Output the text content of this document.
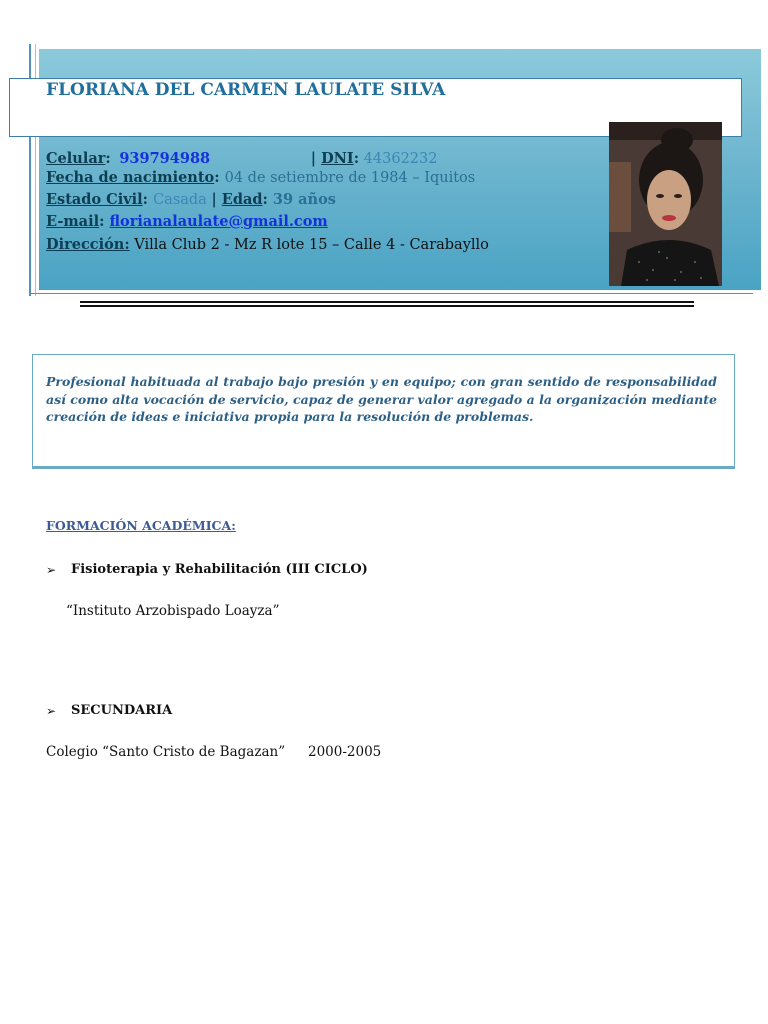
FLORIANA DEL CARMEN LAULATE SILVA
Celular: 939794988	| DNI: 44362232
Fecha de nacimiento: 04 de setiembre de 1984 – Iquitos
Estado Civil: Casada | Edad: 39 años
E-mail: florianalaulate@gmail.com
Dirección: Villa Club 2 - Mz R lote 15 – Calle 4 - Carabayllo
Profesional habituada al trabajo bajo presión y en equipo; con gran sentido de responsabilidad así como alta vocación de servicio, capaz de generar valor agregado a la organización mediante creación de ideas e iniciativa propia para la resolución de problemas.
FORMACIÓN ACADÉMICA:
➢ Fisioterapia y Rehabilitación (III CICLO)
“Instituto Arzobispado Loayza”
➢ SECUNDARIA
Colegio “Santo Cristo de Bagazan” 2000-2005
